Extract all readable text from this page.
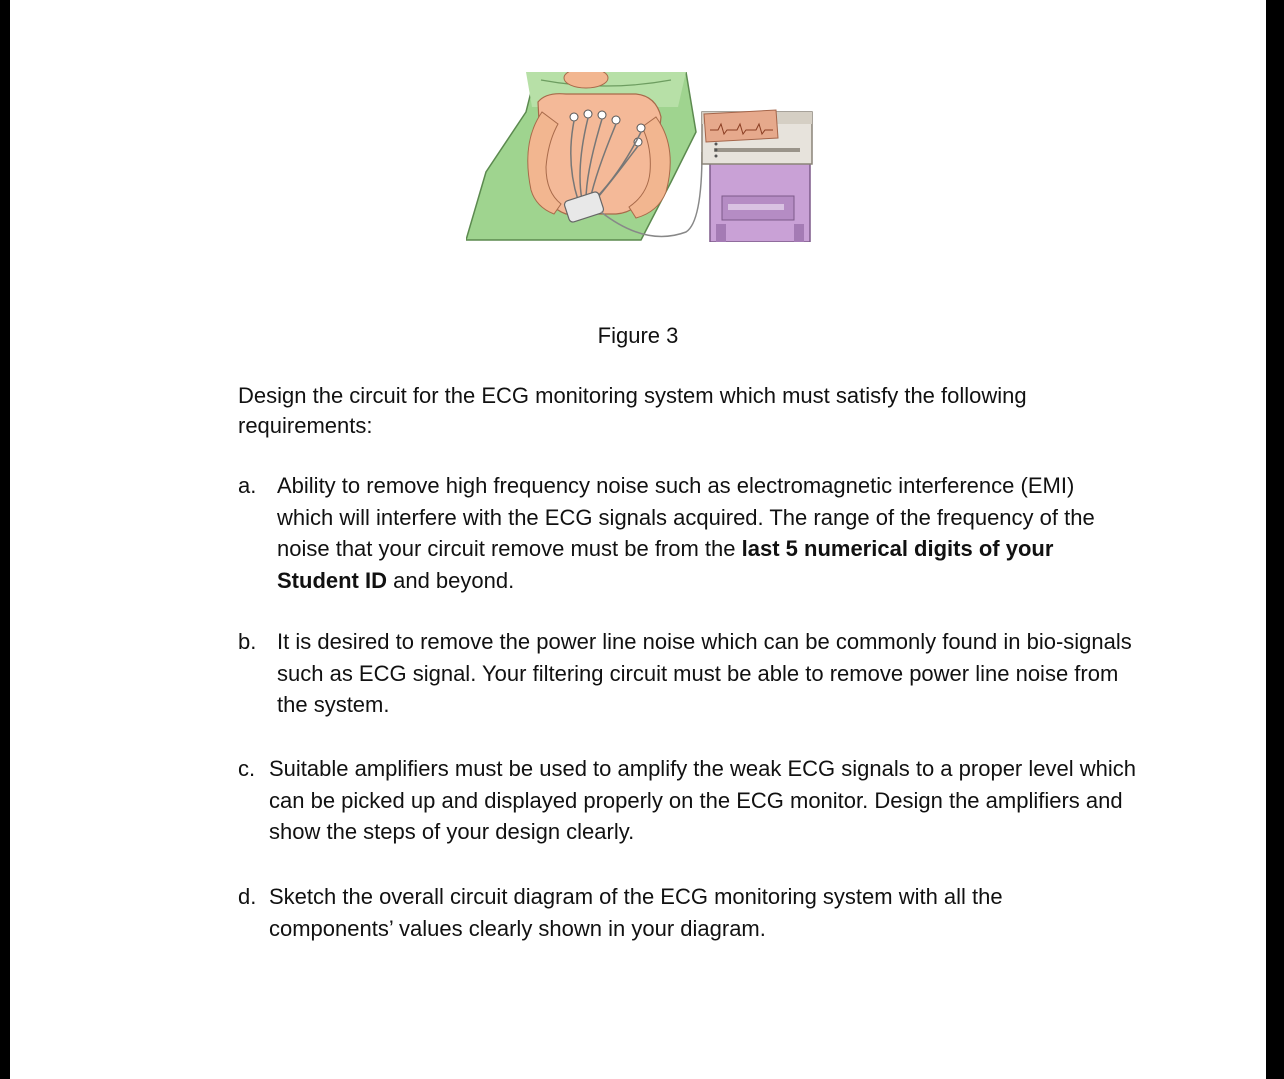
Figure 3
Design the circuit for the ECG monitoring system which must satisfy the following requirements:
a. Ability to remove high frequency noise such as electromagnetic interference (EMI) which will interfere with the ECG signals acquired. The range of the frequency of the noise that your circuit remove must be from the last 5 numerical digits of your Student ID and beyond.
b. It is desired to remove the power line noise which can be commonly found in bio-signals such as ECG signal. Your filtering circuit must be able to remove power line noise from the system.
c. Suitable amplifiers must be used to amplify the weak ECG signals to a proper level which can be picked up and displayed properly on the ECG monitor. Design the amplifiers and show the steps of your design clearly.
d. Sketch the overall circuit diagram of the ECG monitoring system with all the components’ values clearly shown in your diagram.
